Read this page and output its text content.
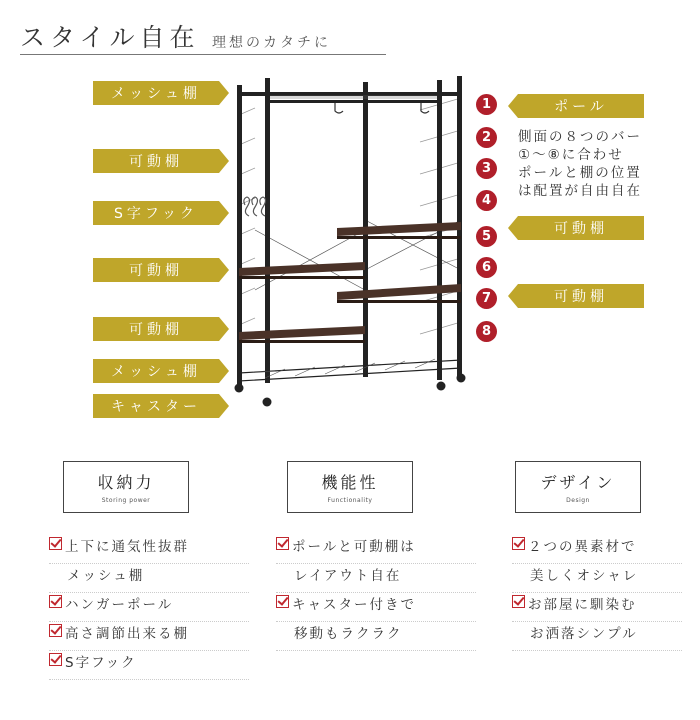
スタイル自在 理想のカタチに
メッシュ棚
可動棚
S字フック
可動棚
可動棚
メッシュ棚
キャスター
ポール
可動棚
可動棚
1
2
3
4
5
6
7
8
側面の８つのバー
①～⑧に合わせ
ポールと棚の位置
は配置が自由自在
収納力
Storing power
機能性
Functionality
デザイン
Design
上下に通気性抜群
メッシュ棚
ハンガーポール
高さ調節出来る棚
S字フック
ポールと可動棚は
レイアウト自在
キャスター付きで
移動もラクラク
２つの異素材で
美しくオシャレ
お部屋に馴染む
お洒落シンプル
